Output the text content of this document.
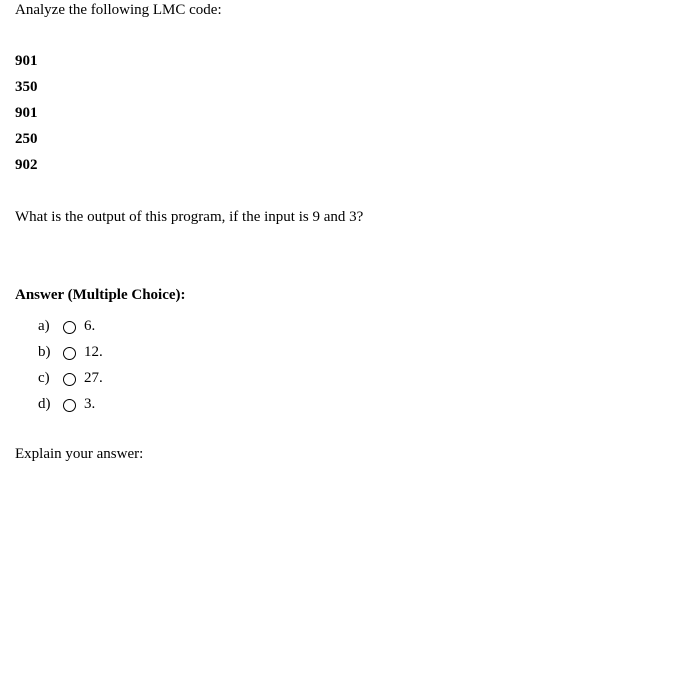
Analyze the following LMC code:
901
350
901
250
902
What is the output of this program, if the input is 9 and 3?
Answer (Multiple Choice):
a)	6.
b)	12.
c)	27.
d)	3.
Explain your answer:
